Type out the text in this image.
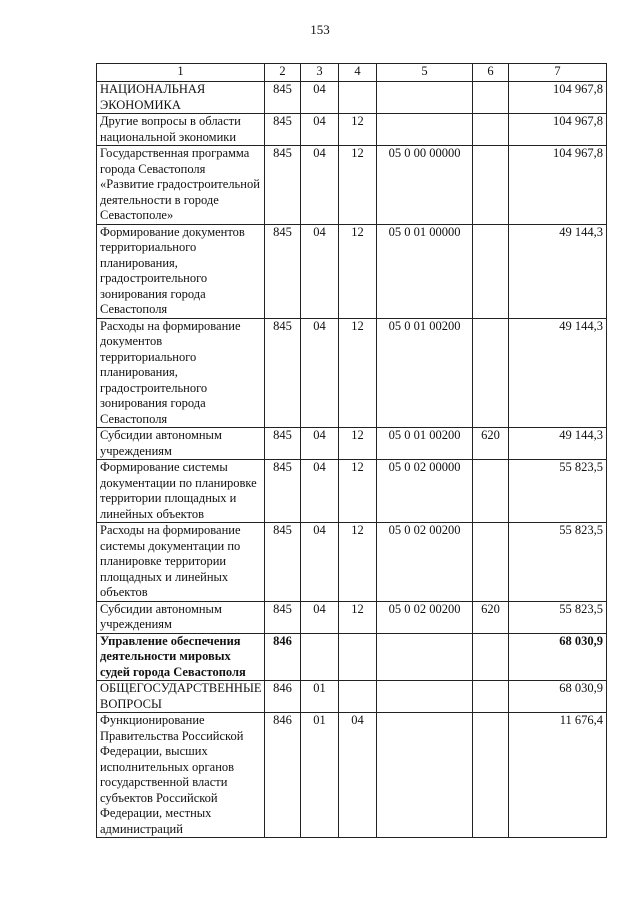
153
1	2	3	4	5	6	7
НАЦИОНАЛЬНАЯ ЭКОНОМИКА	845	04				104 967,8
Другие вопросы в области национальной экономики	845	04	12			104 967,8
Государственная программа города Севастополя «Развитие градостроительной деятельности в городе Севастополе»	845	04	12	05 0 00 00000		104 967,8
Формирование документов территориального планирования, градостроительного зонирования города Севастополя	845	04	12	05 0 01 00000		49 144,3
Расходы на формирование документов территориального планирования, градостроительного зонирования города Севастополя	845	04	12	05 0 01 00200		49 144,3
Субсидии автономным учреждениям	845	04	12	05 0 01 00200	620	49 144,3
Формирование системы документации по планировке территории площадных и линейных объектов	845	04	12	05 0 02 00000		55 823,5
Расходы на формирование системы документации по планировке территории площадных и линейных объектов	845	04	12	05 0 02 00200		55 823,5
Субсидии автономным учреждениям	845	04	12	05 0 02 00200	620	55 823,5
Управление обеспечения деятельности мировых судей города Севастополя	846					68 030,9
ОБЩЕГОСУДАРСТВЕННЫЕ ВОПРОСЫ	846	01				68 030,9
Функционирование Правительства Российской Федерации, высших исполнительных органов государственной власти субъектов Российской Федерации, местных администраций	846	01	04			11 676,4
